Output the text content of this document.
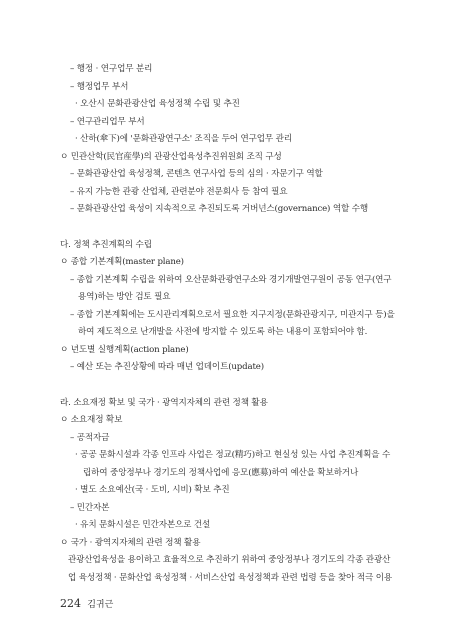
– 행정 · 연구업무 분리
– 행정업무 부서
· 오산시 문화관광산업 육성정책 수립 및 추진
– 연구관리업무 부서
· 산하(傘下)에 '문화관광연구소' 조직을 두어 연구업무 관리
ㅇ 민관산학(民官産學)의 관광산업육성추진위원회 조직 구성
– 문화관광산업 육성정책, 콘텐츠 연구사업 등의 심의 · 자문기구 역할
– 유지 가능한 관광 산업체, 관련분야 전문회사 등 참여 필요
– 문화관광산업 육성이 지속적으로 추진되도록 거버넌스(governance) 역할 수행
다. 정책 추진계획의 수립
ㅇ 종합 기본계획(master plane)
– 종합 기본계획 수립을 위하여 오산문화관광연구소와 경기개발연구원이 공동 연구(연구
용역)하는 방안 검토 필요
– 종합 기본계획에는 도시관리계획으로서 필요한 지구지정(문화관광지구, 미관지구 등)을
하여 제도적으로 난개발을 사전에 방지할 수 있도록 하는 내용이 포함되어야 함.
ㅇ 년도별 실행계획(action plane)
– 예산 또는 추진상황에 따라 매년 업데이트(update)
라. 소요재정 확보 및 국가 · 광역지자체의 관련 정책 활용
ㅇ 소요재정 확보
– 공적자금
· 공공 문화시설과 각종 인프라 사업은 정교(精巧)하고 현실성 있는 사업 추진계획을 수
립하여 중앙정부나 경기도의 정책사업에 응모(應募)하여 예산을 확보하거나
· 별도 소요예산(국 · 도비, 시비) 확보 추진
– 민간자본
· 유치 문화시설은 민간자본으로 건설
ㅇ 국가 · 광역지자체의 관련 정책 활용
관광산업육성을 용이하고 효율적으로 추진하기 위하여 중앙정부나 경기도의 각종 관광산
업 육성정책 · 문화산업 육성정책 · 서비스산업 육성정책과 관련 법령 등을 찾아 적극 이용
224 김귀근
